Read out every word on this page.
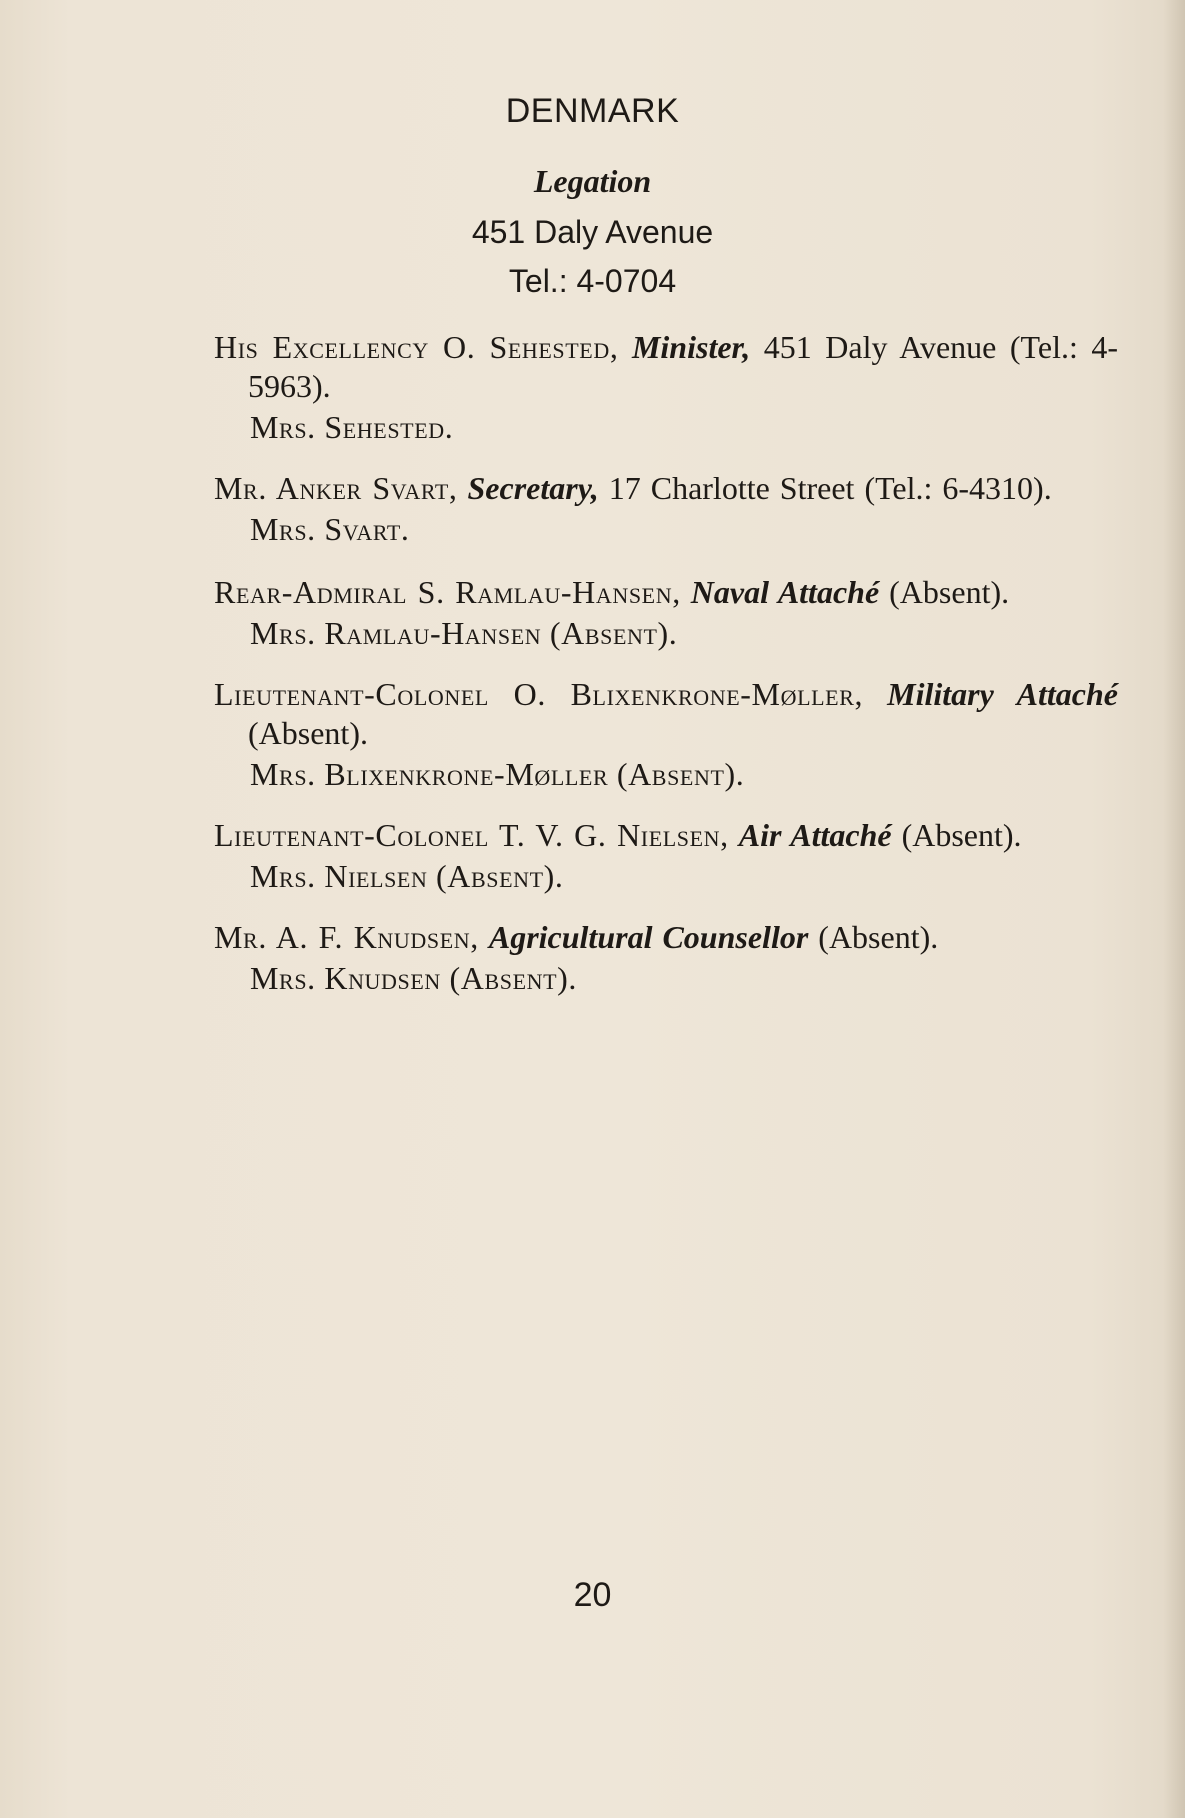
DENMARK
Legation
451 Daly Avenue
Tel.: 4-0704
His Excellency O. Sehested, Minister, 451 Daly Avenue (Tel.: 4-5963).
Mrs. Sehested.
Mr. Anker Svart, Secretary, 17 Charlotte Street (Tel.: 6-4310).
Mrs. Svart.
Rear-Admiral S. Ramlau-Hansen, Naval Attaché (Absent).
Mrs. Ramlau-Hansen (Absent).
Lieutenant-Colonel O. Blixenkrone-Møller, Military Attaché (Absent).
Mrs. Blixenkrone-Møller (Absent).
Lieutenant-Colonel T. V. G. Nielsen, Air Attaché (Absent).
Mrs. Nielsen (Absent).
Mr. A. F. Knudsen, Agricultural Counsellor (Absent).
Mrs. Knudsen (Absent).
20
